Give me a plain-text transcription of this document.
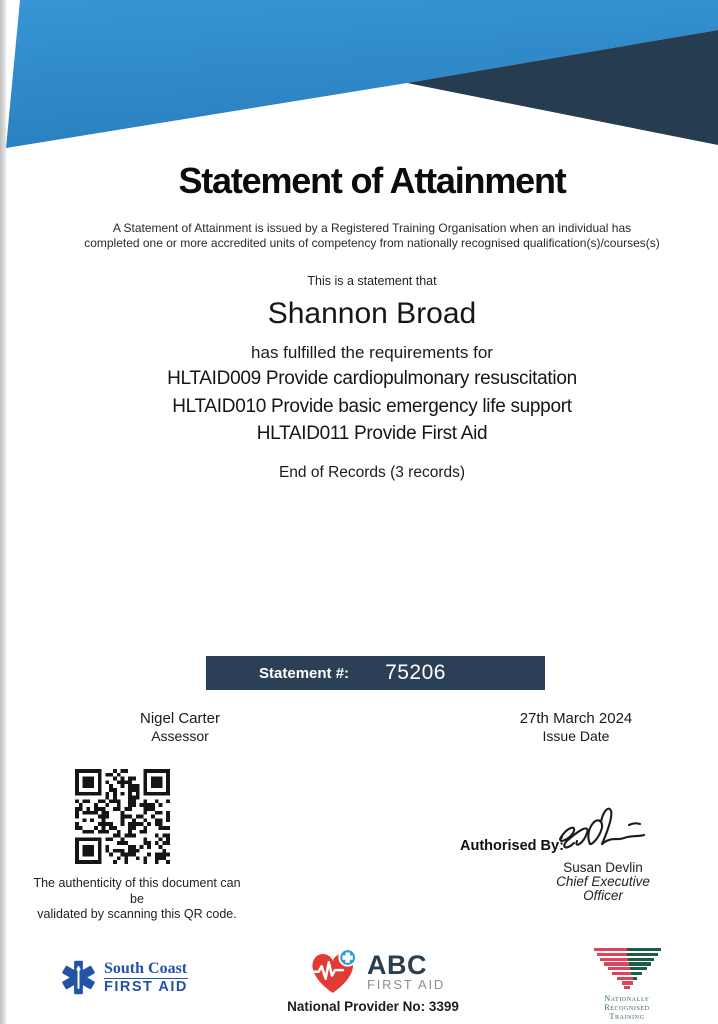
Statement of Attainment
A Statement of Attainment is issued by a Registered Training Organisation when an individual has
completed one or more accredited units of competency from nationally recognised qualification(s)/courses(s)
This is a statement that
Shannon Broad
has fulfilled the requirements for
HLTAID009 Provide cardiopulmonary resuscitation
HLTAID010 Provide basic emergency life support
HLTAID011 Provide First Aid
End of Records (3 records)
Statement #: 75206
Nigel Carter
Assessor
27th March 2024
Issue Date
The authenticity of this document can be
validated by scanning this QR code.
Authorised By:
Susan Devlin
Chief Executive
Officer
South Coast
FIRST AID
ABC
FIRST AID
National Provider No: 3399
Nationally Recognised
Training
